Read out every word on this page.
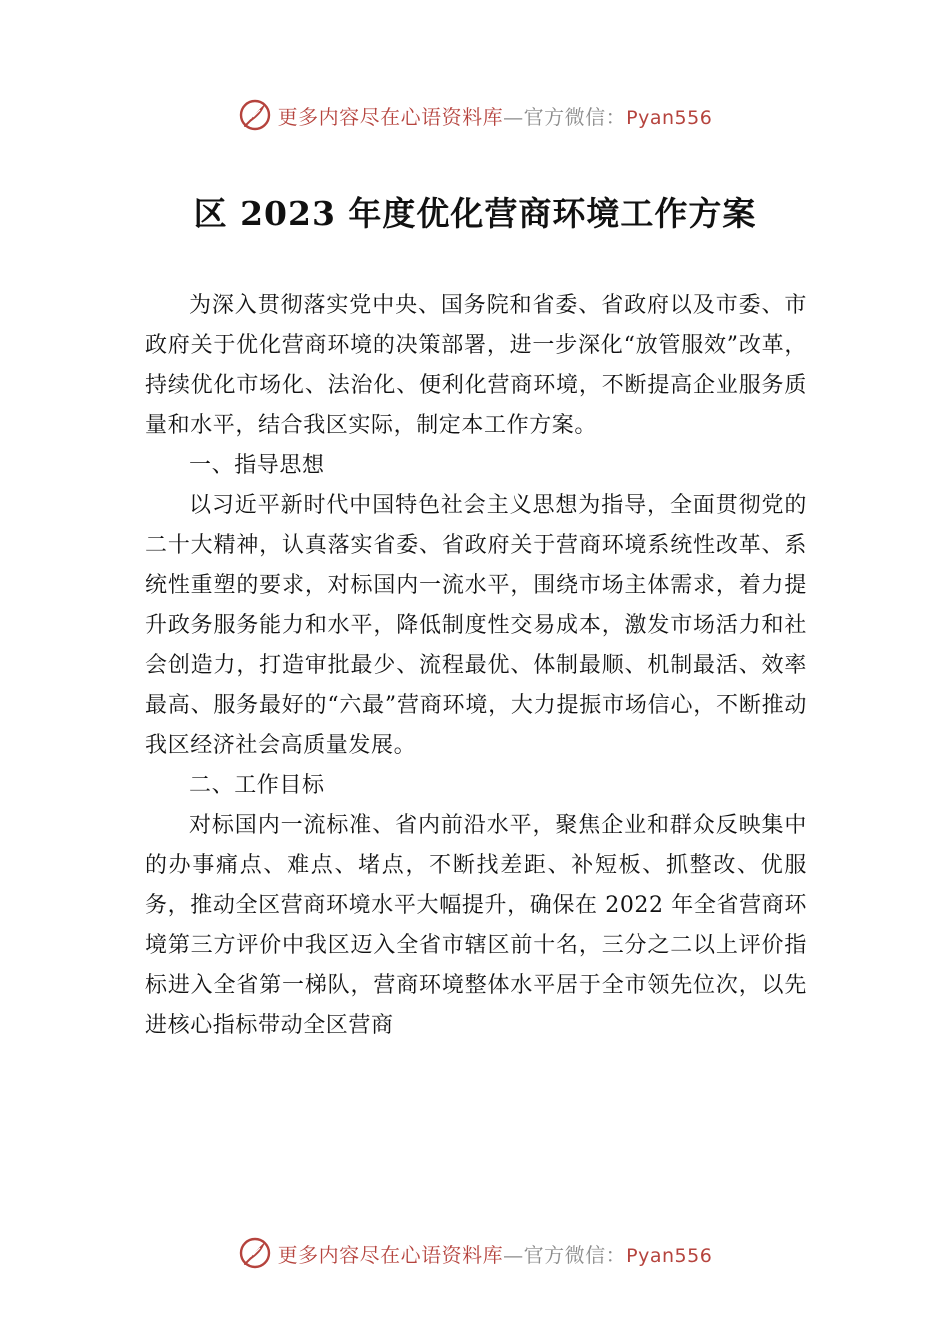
更多内容尽在心语资料库—官方微信：Pyan556
区 2023 年度优化营商环境工作方案

为深入贯彻落实党中央、国务院和省委、省政府以及市委、市政府关于优化营商环境的决策部署，进一步深化“放管服效”改革，持续优化市场化、法治化、便利化营商环境，不断提高企业服务质量和水平，结合我区实际，制定本工作方案。

一、指导思想

以习近平新时代中国特色社会主义思想为指导，全面贯彻党的二十大精神，认真落实省委、省政府关于营商环境系统性改革、系统性重塑的要求，对标国内一流水平，围绕市场主体需求，着力提升政务服务能力和水平，降低制度性交易成本，激发市场活力和社会创造力，打造审批最少、流程最优、体制最顺、机制最活、效率最高、服务最好的“六最”营商环境，大力提振市场信心，不断推动我区经济社会高质量发展。

二、工作目标

对标国内一流标准、省内前沿水平，聚焦企业和群众反映集中的办事痛点、难点、堵点，不断找差距、补短板、抓整改、优服务，推动全区营商环境水平大幅提升，确保在 2022 年全省营商环境第三方评价中我区迈入全省市辖区前十名，三分之二以上评价指标进入全省第一梯队，营商环境整体水平居于全市领先位次，以先进核心指标带动全区营商

更多内容尽在心语资料库—官方微信：Pyan556
